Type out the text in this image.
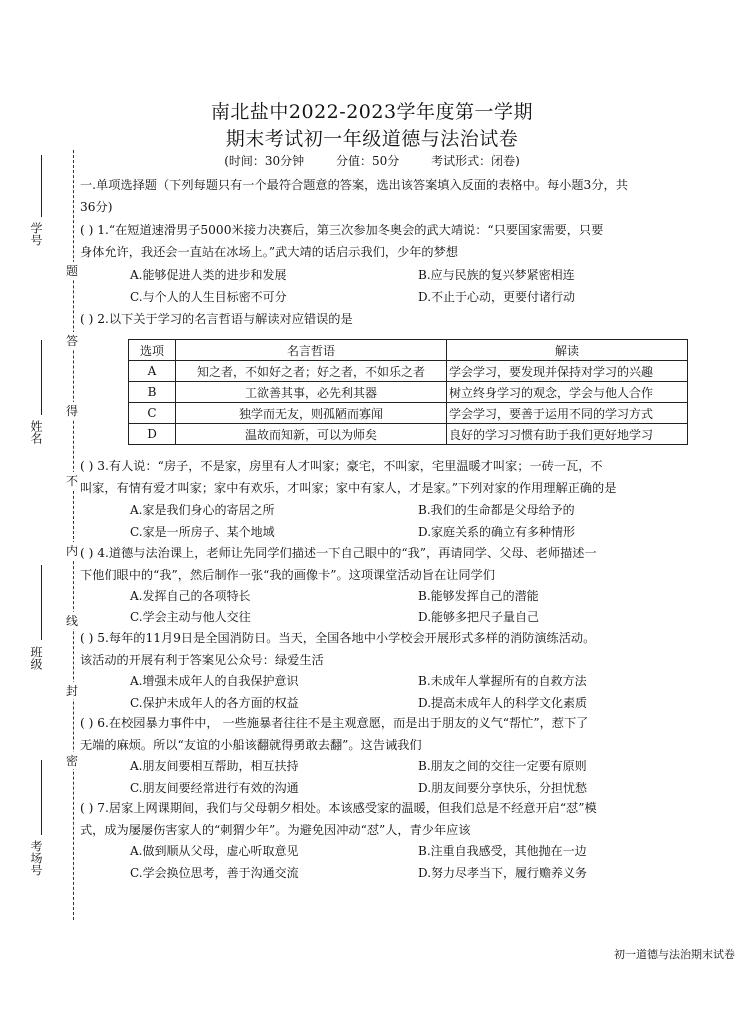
学号
姓名
班级
考场号
题
答
得
不
内
线
封
密
南北盐中2022-2023学年度第一学期
期末考试初一年级道德与法治试卷
(时间：30分钟	分值：50分	考试形式：闭卷)
一.单项选择题（下列每题只有一个最符合题意的答案，选出该答案填入反面的表格中。每小题3分，共
36分)
( ) 1.“在短道速滑男子5000米接力决赛后，第三次参加冬奥会的武大靖说：“只要国家需要，只要
身体允许，我还会一直站在冰场上。”武大靖的话启示我们，少年的梦想
A.能够促进人类的进步和发展	B.应与民族的复兴梦紧密相连
C.与个人的人生目标密不可分	D.不止于心动，更要付诸行动
( ) 2.以下关于学习的名言哲语与解读对应错误的是
选项	名言哲语	解读
A	知之者，不如好之者；好之者，不如乐之者	学会学习，要发现并保持对学习的兴趣
B	工欲善其事，必先利其器	树立终身学习的观念，学会与他人合作
C	独学而无友，则孤陋而寡闻	学会学习，要善于运用不同的学习方式
D	温故而知新，可以为师矣	良好的学习习惯有助于我们更好地学习
( ) 3.有人说：“房子，不是家，房里有人才叫家；豪宅，不叫家，宅里温暖才叫家；一砖一瓦，不
叫家，有情有爱才叫家；家中有欢乐，才叫家；家中有家人，才是家。”下列对家的作用理解正确的是
A.家是我们身心的寄居之所	B.我们的生命都是父母给予的
C.家是一所房子、某个地域	D.家庭关系的确立有多种情形
( ) 4.道德与法治课上，老师让先同学们描述一下自己眼中的“我”，再请同学、父母、老师描述一
下他们眼中的“我”，然后制作一张“我的画像卡”。这项课堂活动旨在让同学们
A.发挥自己的各项特长	B.能够发挥自己的潜能
C.学会主动与他人交往	D.能够多把尺子量自己
( ) 5.每年的11月9日是全国消防日。当天，全国各地中小学校会开展形式多样的消防演练活动。
该活动的开展有利于答案见公众号：绿爱生活
A.增强未成年人的自我保护意识	B.未成年人掌握所有的自救方法
C.保护未成年人的各方面的权益	D.提高未成年人的科学文化素质
( ) 6.在校园暴力事件中， 一些施暴者往往不是主观意愿，而是出于朋友的义气“帮忙”，惹下了
无端的麻烦。所以“友谊的小船该翻就得勇敢去翻”。这告诫我们
A.朋友间要相互帮助，相互扶持	B.朋友之间的交往一定要有原则
C.朋友间要经常进行有效的沟通	D.朋友间要分享快乐，分担忧愁
( ) 7.居家上网课期间，我们与父母朝夕相处。本该感受家的温暖，但我们总是不经意开启“怼”模
式，成为屡屡伤害家人的“刺猬少年”。为避免因冲动“怼”人，青少年应该
A.做到顺从父母，虚心听取意见	B.注重自我感受，其他抛在一边
C.学会换位思考，善于沟通交流	D.努力尽孝当下，履行赡养义务
初一道德与法治期末试卷
